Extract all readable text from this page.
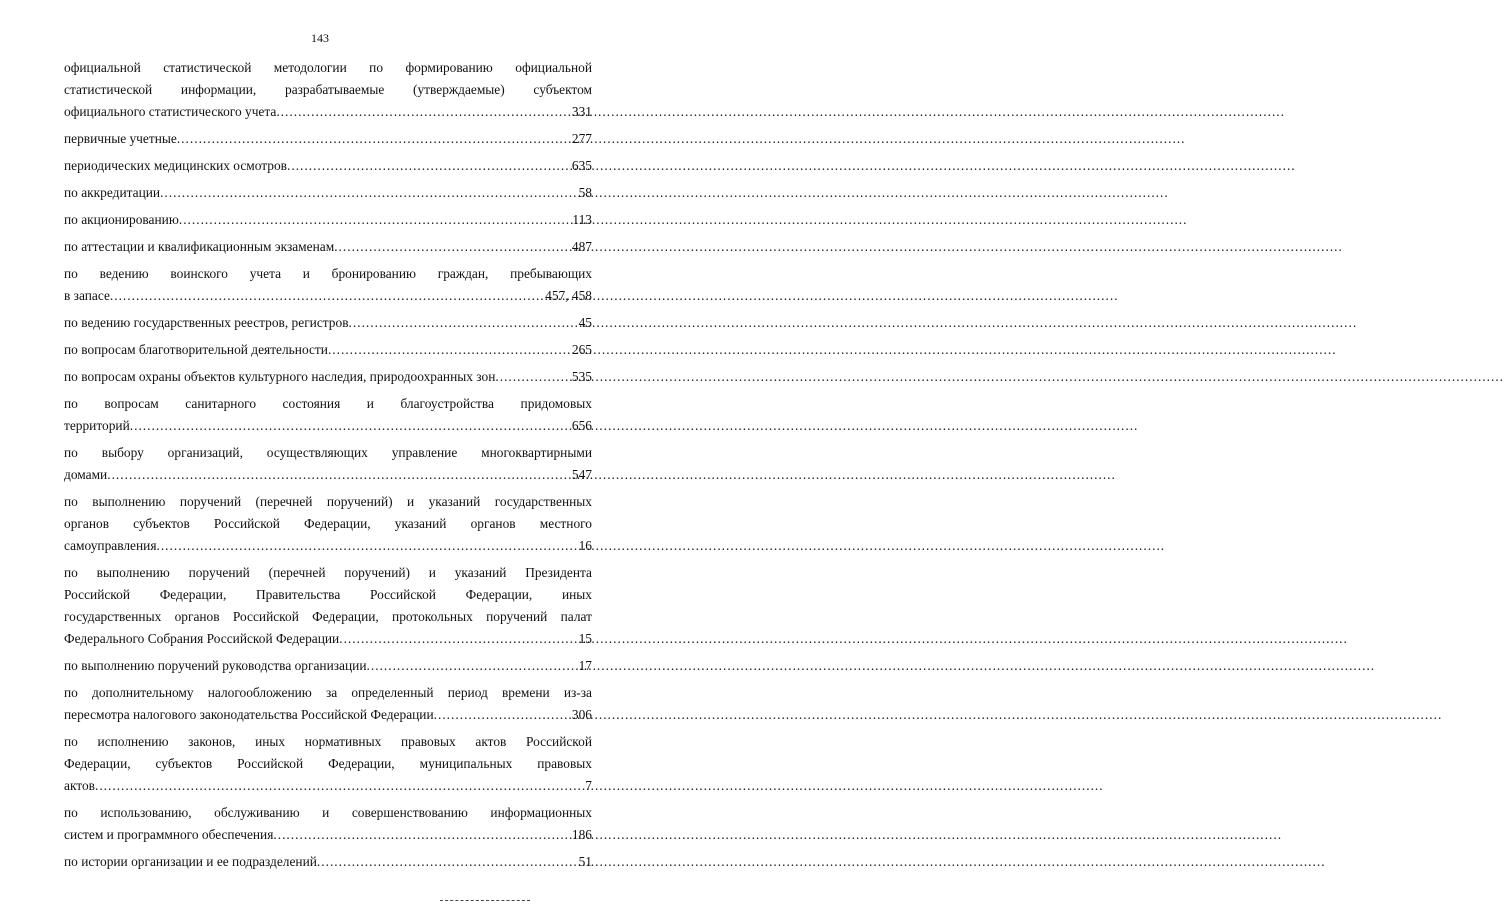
143
официальной статистической методологии по формированию официальной
статистической информации, разрабатываемые (утверждаемые) субъектом
официального статистического учета .....	331
первичные учетные .....	277
периодических медицинских осмотров .....	635
по аккредитации .....	58
по акционированию .....	113
по аттестации и квалификационным экзаменам .....	487
по ведению воинского учета и бронированию граждан, пребывающих
в запасе .....	457, 458
по ведению государственных реестров, регистров .....	45
по вопросам благотворительной деятельности .....	265
по вопросам охраны объектов культурного наследия, природоохранных зон .....	535
по вопросам санитарного состояния и благоустройства придомовых
территорий .....	656
по выбору организаций, осуществляющих управление многоквартирными
домами .....	547
по выполнению поручений (перечней поручений) и указаний государственных
органов субъектов Российской Федерации, указаний органов местного
самоуправления .....	16
по выполнению поручений (перечней поручений) и указаний Президента
Российской Федерации, Правительства Российской Федерации, иных
государственных органов Российской Федерации, протокольных поручений палат
Федерального Собрания Российской Федерации .....	15
по выполнению поручений руководства организации .....	17
по дополнительному налогообложению за определенный период времени из-за
пересмотра налогового законодательства Российской Федерации .....	306
по исполнению законов, иных нормативных правовых актов Российской
Федерации, субъектов Российской Федерации, муниципальных правовых
актов .....	7
по использованию, обслуживанию и совершенствованию информационных
систем и программного обеспечения .....	186
по истории организации и ее подразделений .....	51
